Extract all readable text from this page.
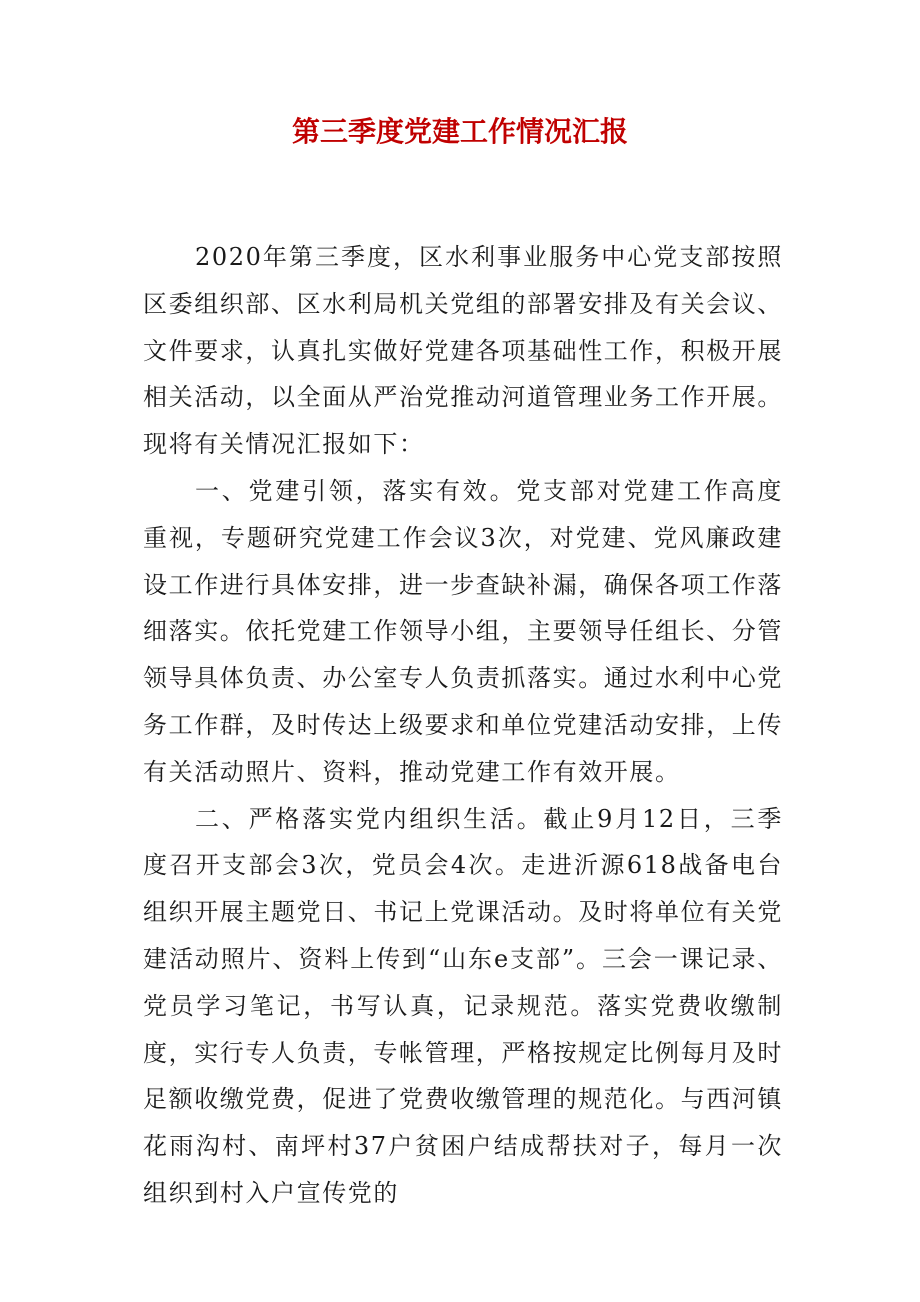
第三季度党建工作情况汇报

2020年第三季度，区水利事业服务中心党支部按照区委组织部、区水利局机关党组的部署安排及有关会议、文件要求，认真扎实做好党建各项基础性工作，积极开展相关活动，以全面从严治党推动河道管理业务工作开展。现将有关情况汇报如下：

一、党建引领，落实有效。党支部对党建工作高度重视，专题研究党建工作会议3次，对党建、党风廉政建设工作进行具体安排，进一步查缺补漏，确保各项工作落细落实。依托党建工作领导小组，主要领导任组长、分管领导具体负责、办公室专人负责抓落实。通过水利中心党务工作群，及时传达上级要求和单位党建活动安排，上传有关活动照片、资料，推动党建工作有效开展。

二、严格落实党内组织生活。截止9月12日，三季度召开支部会3次，党员会4次。走进沂源618战备电台组织开展主题党日、书记上党课活动。及时将单位有关党建活动照片、资料上传到“山东e支部”。三会一课记录、党员学习笔记，书写认真，记录规范。落实党费收缴制度，实行专人负责，专帐管理，严格按规定比例每月及时足额收缴党费，促进了党费收缴管理的规范化。与西河镇花雨沟村、南坪村37户贫困户结成帮扶对子，每月一次组织到村入户宣传党的
